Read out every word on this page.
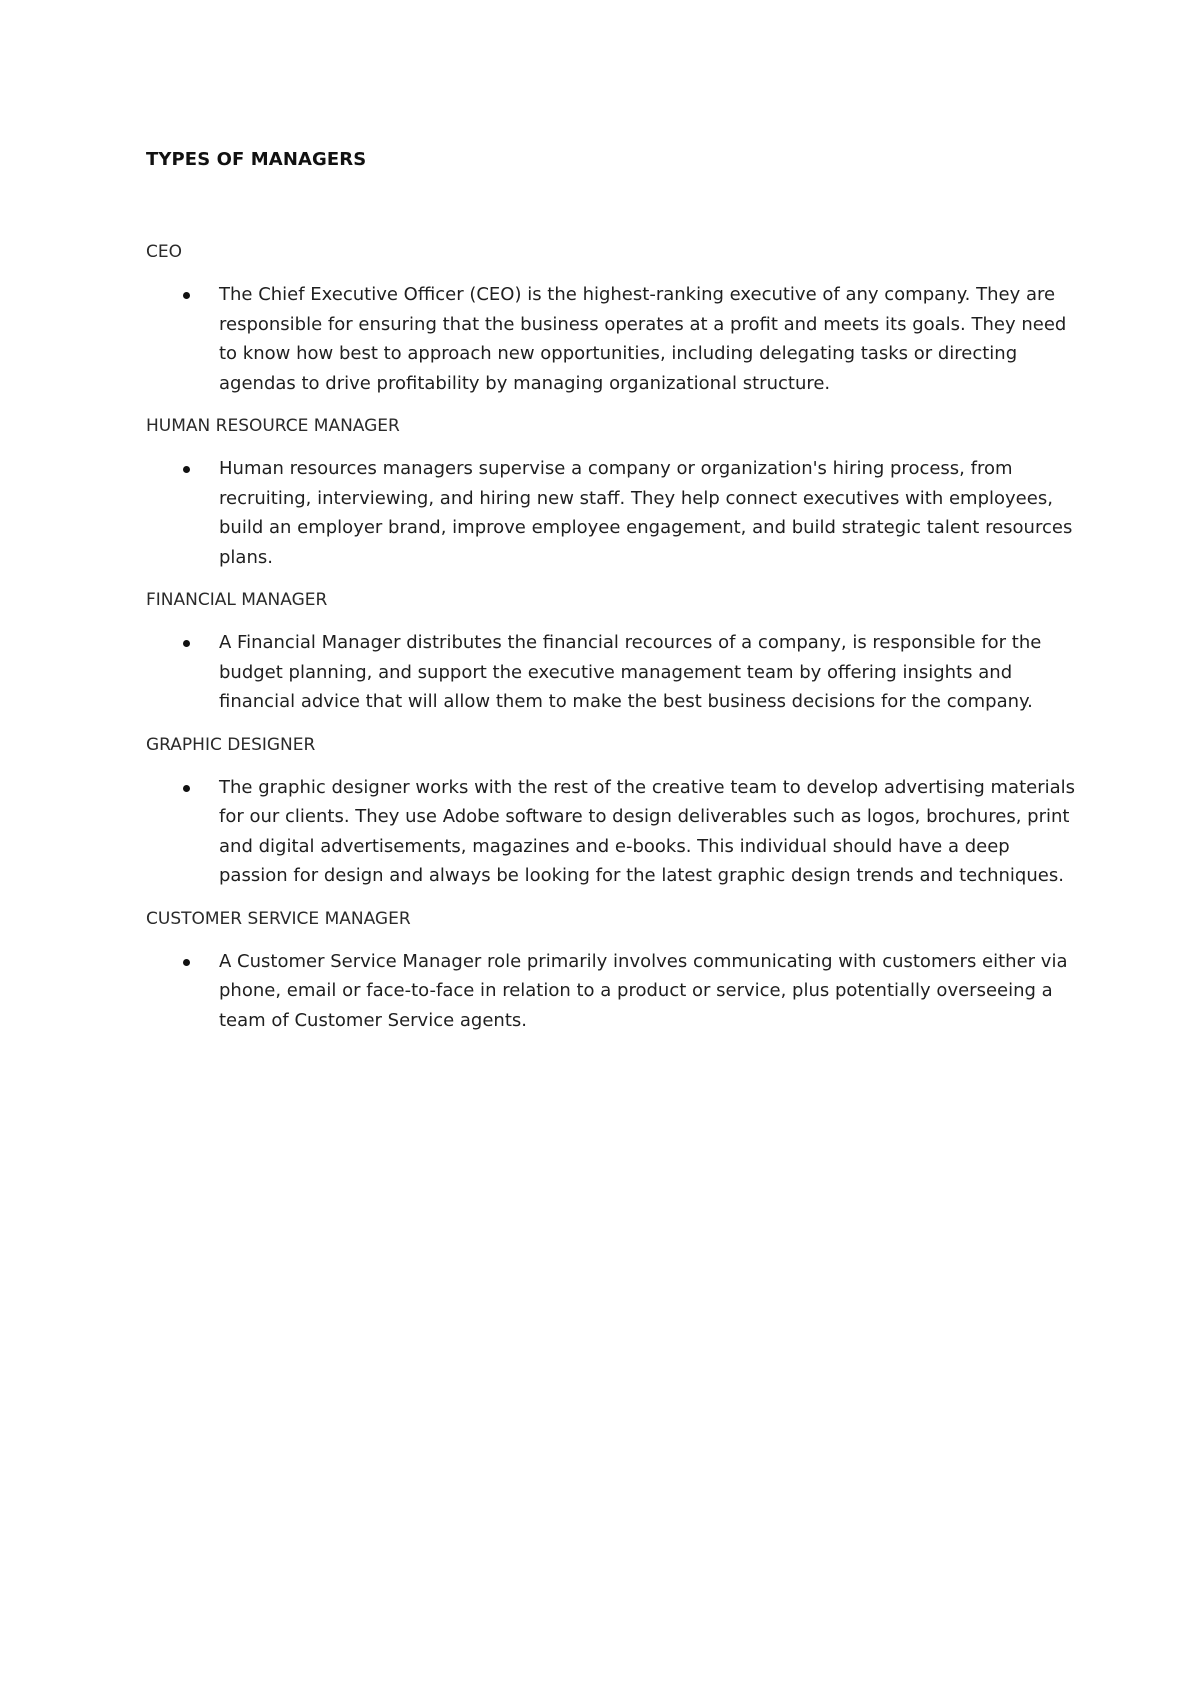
TYPES OF MANAGERS

CEO

The Chief Executive Officer (CEO) is the highest-ranking executive of any company. They are responsible for ensuring that the business operates at a profit and meets its goals. They need to know how best to approach new opportunities, including delegating tasks or directing agendas to drive profitability by managing organizational structure.

HUMAN RESOURCE MANAGER

Human resources managers supervise a company or organization's hiring process, from recruiting, interviewing, and hiring new staff. They help connect executives with employees, build an employer brand, improve employee engagement, and build strategic talent resources plans.

FINANCIAL MANAGER

A Financial Manager distributes the financial recources of a company, is responsible for the budget planning, and support the executive management team by offering insights and financial advice that will allow them to make the best business decisions for the company.

GRAPHIC DESIGNER

The graphic designer works with the rest of the creative team to develop advertising materials for our clients. They use Adobe software to design deliverables such as logos, brochures, print and digital advertisements, magazines and e-books. This individual should have a deep passion for design and always be looking for the latest graphic design trends and techniques.

CUSTOMER SERVICE MANAGER

A Customer Service Manager role primarily involves communicating with customers either via phone, email or face-to-face in relation to a product or service, plus potentially overseeing a team of Customer Service agents.
